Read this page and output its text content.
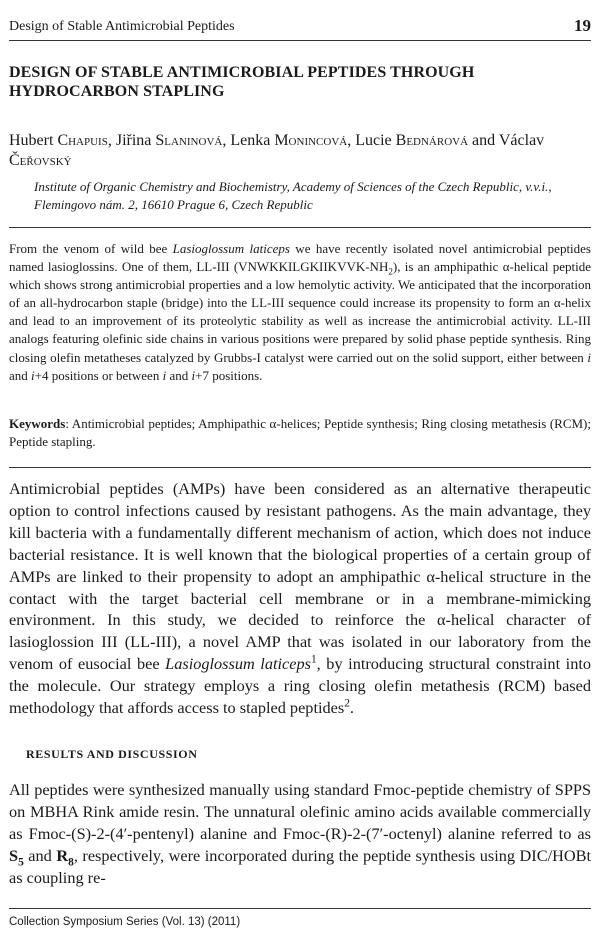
Design of Stable Antimicrobial Peptides	19
DESIGN OF STABLE ANTIMICROBIAL PEPTIDES THROUGH HYDROCARBON STAPLING

Hubert Chapuis, Jiřina Slaninová, Lenka Monincová, Lucie Bednárová and Václav Čeřovský

Institute of Organic Chemistry and Biochemistry, Academy of Sciences of the Czech Republic, v.v.i.,
Flemingovo nám. 2, 16610 Prague 6, Czech Republic

From the venom of wild bee Lasioglossum laticeps we have recently isolated novel antimicrobial peptides named lasioglossins. One of them, LL-III $(VNWKKILGKIIKVVK-NH_2)$, is an amphipathic α-helical peptide which shows strong antimicrobial properties and a low hemolytic activity. We anticipated that the incorporation of an all-hydrocarbon staple (bridge) into the LL-III sequence could increase its propensity to form an α-helix and lead to an improvement of its proteolytic stability as well as increase the antimicrobial activity. LL-III analogs featuring olefinic side chains in various positions were prepared by solid phase peptide synthesis. Ring closing olefin metatheses catalyzed by Grubbs-I catalyst were carried out on the solid support, either between i and i+4 positions or between i and i+7 positions.

Keywords: Antimicrobial peptides; Amphipathic α-helices; Peptide synthesis; Ring closing metathesis (RCM); Peptide stapling.

Antimicrobial peptides (AMPs) have been considered as an alternative therapeutic option to control infections caused by resistant pathogens. As the main advantage, they kill bacteria with a fundamentally different mechanism of action, which does not induce bacterial resistance. It is well known that the biological properties of a certain group of AMPs are linked to their propensity to adopt an amphipathic α-helical structure in the contact with the target bacterial cell membrane or in a membrane-mimicking environment. In this study, we decided to reinforce the α-helical character of lasioglossion III (LL-III), a novel AMP that was isolated in our laboratory from the venom of eusocial bee Lasioglossum laticeps$^1$, by introducing structural constraint into the molecule. Our strategy employs a ring closing olefin metathesis (RCM) based methodology that affords access to stapled peptides$^2$.

RESULTS AND DISCUSSION

All peptides were synthesized manually using standard Fmoc-peptide chemistry of SPPS on MBHA Rink amide resin. The unnatural olefinic amino acids available commercially as Fmoc-(S)-2-(4′-pentenyl) alanine and Fmoc-(R)-2-(7′-octenyl) alanine referred to as $S_5$ and $R_8$, respectively, were incorporated during the peptide synthesis using DIC/HOBt as coupling re-

Collection Symposium Series (Vol. 13) (2011)
